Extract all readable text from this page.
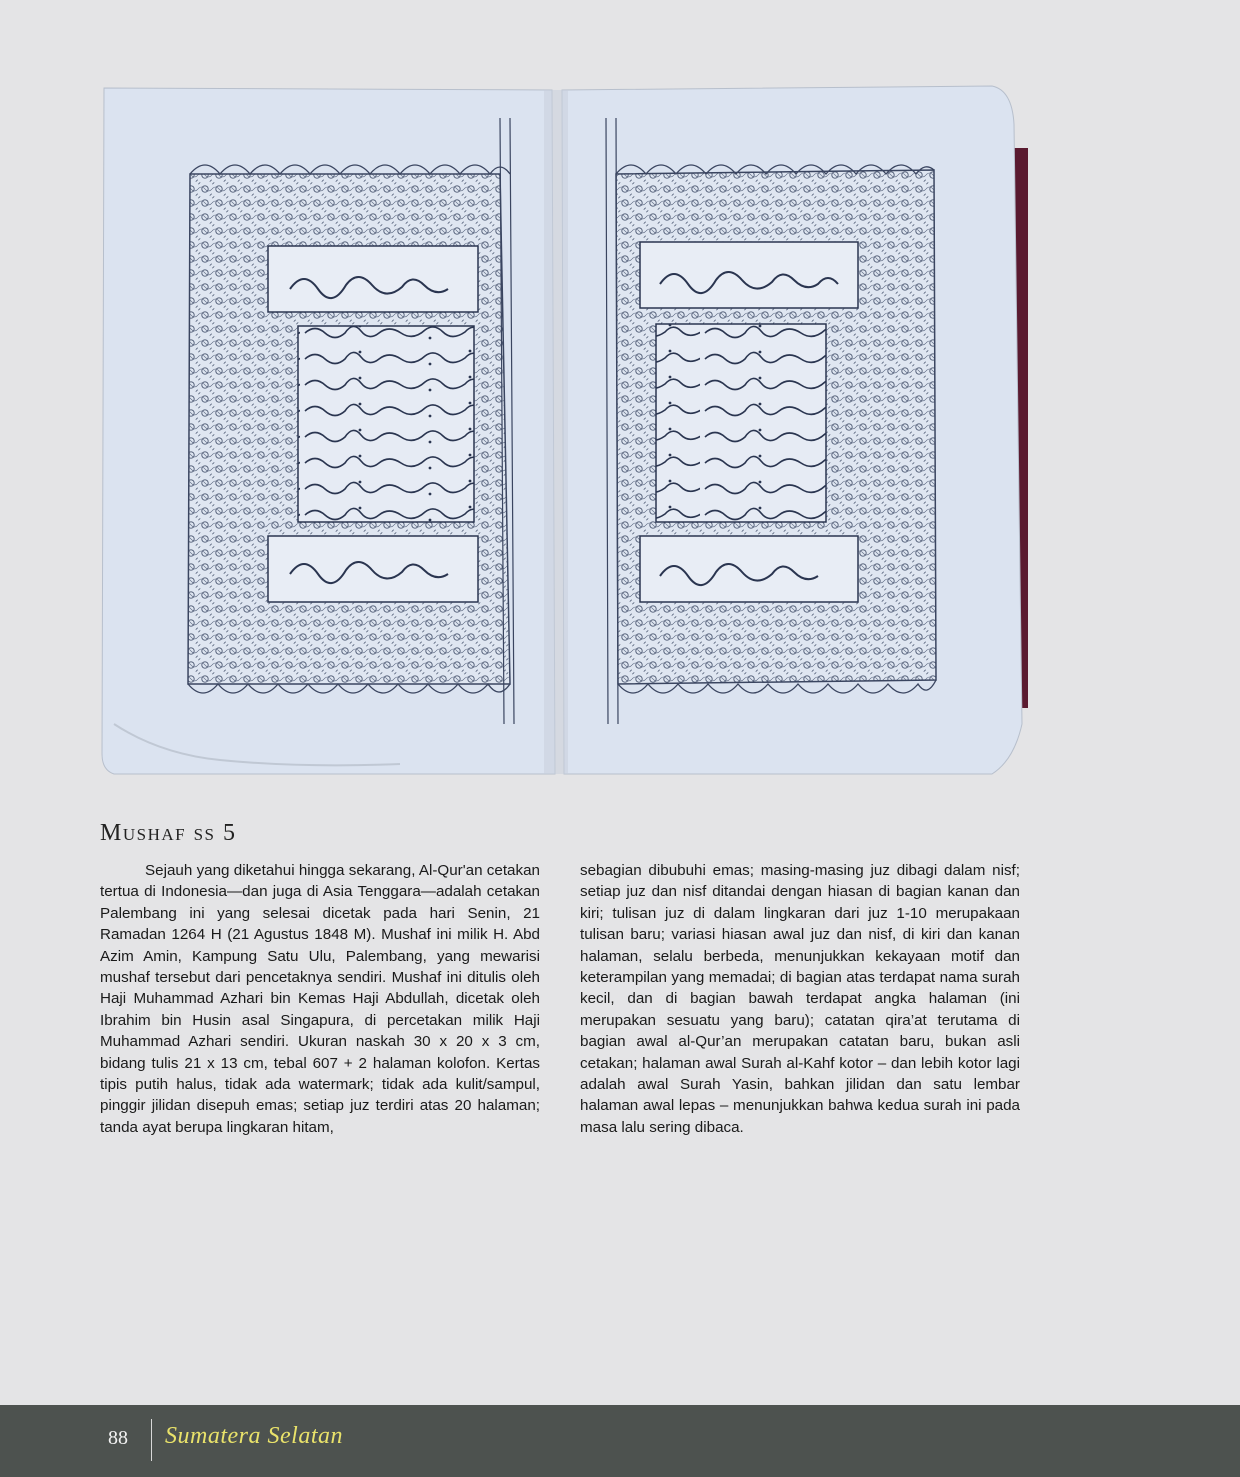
Mushaf ss 5

Sejauh yang diketahui hingga sekarang, Al-Qur'an cetakan tertua di Indonesia—dan juga di Asia Tenggara—adalah cetakan Palembang ini yang selesai dicetak pada hari Senin, 21 Ramadan 1264 H (21 Agustus 1848 M). Mushaf ini milik H. Abd Azim Amin, Kampung Satu Ulu, Palembang, yang mewarisi mushaf tersebut dari pencetaknya sendiri. Mushaf ini ditulis oleh Haji Muhammad Azhari bin Kemas Haji Abdullah, dicetak oleh Ibrahim bin Husin asal Singapura, di percetakan milik Haji Muhammad Azhari sendiri. Ukuran naskah 30 x 20 x 3 cm, bidang tulis 21 x 13 cm, tebal 607 + 2 halaman kolofon. Kertas tipis putih halus, tidak ada watermark; tidak ada kulit/sampul, pinggir jilidan disepuh emas; setiap juz terdiri atas 20 halaman; tanda ayat berupa lingkaran hitam,

sebagian dibubuhi emas; masing-masing juz dibagi dalam nisf; setiap juz dan nisf ditandai dengan hiasan di bagian kanan dan kiri; tulisan juz di dalam lingkaran dari juz 1-10 merupakaan tulisan baru; variasi hiasan awal juz dan nisf, di kiri dan kanan halaman, selalu berbeda, menunjukkan kekayaan motif dan keterampilan yang memadai; di bagian atas terdapat nama surah kecil, dan di bagian bawah terdapat angka halaman (ini merupakan sesuatu yang baru); catatan qira’at terutama di bagian awal al-Qur’an merupakan catatan baru, bukan asli cetakan; halaman awal Surah al-Kahf kotor – dan lebih kotor lagi adalah awal Surah Yasin, bahkan jilidan dan satu lembar halaman awal lepas – menunjukkan bahwa kedua surah ini pada masa lalu sering dibaca.

88 Sumatera Selatan
